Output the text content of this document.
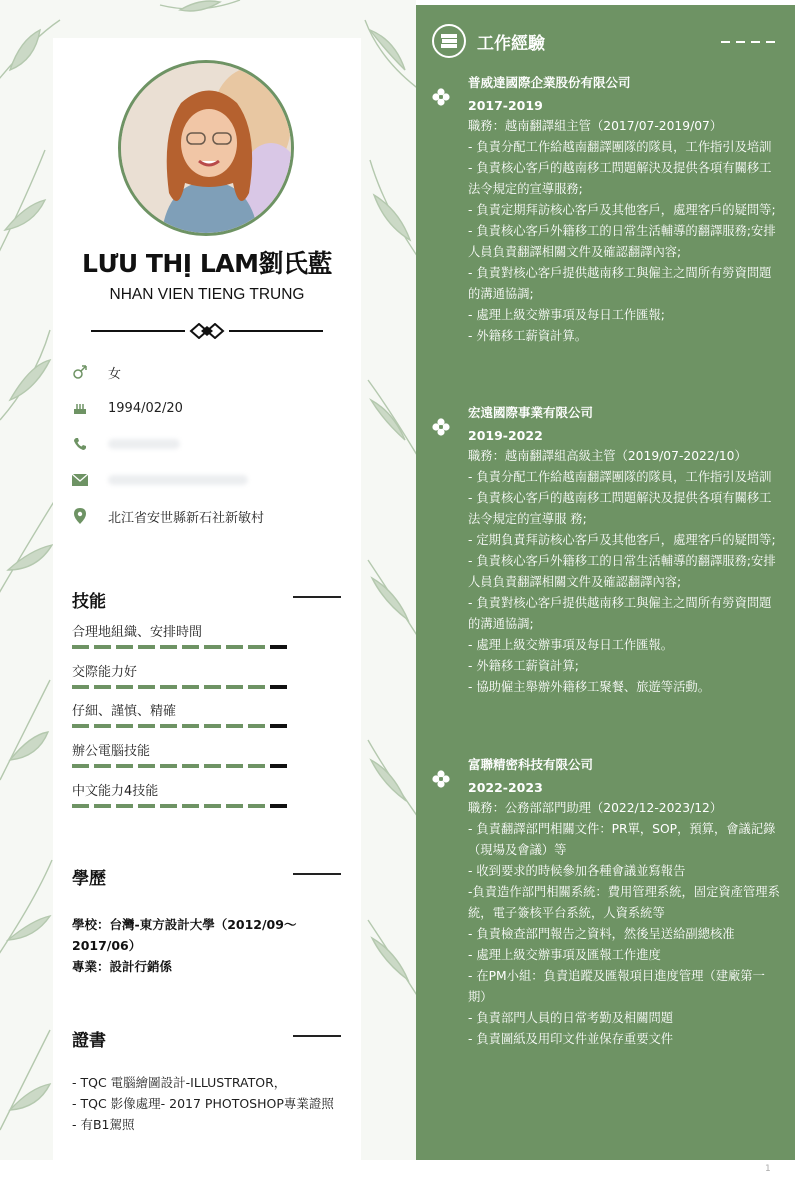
LƯU THỊ LAM劉氏藍
NHAN VIEN TIENG TRUNG
女
1994/02/20
北江省安世縣新石社新敏村
技能
合理地組織、安排時間
交際能力好
仔細、謹慎、精確
辦公電腦技能
中文能力4技能
學歷
學校：台灣-東方設計大學（2012/09～2017/06）
專業：設計行銷係
證書
- TQC 電腦繪圖設計-ILLUSTRATOR，
- TQC 影像處理- 2017 PHOTOSHOP專業證照
- 有B1駕照
工作經驗
普威達國際企業股份有限公司
2017-2019
職務：越南翻譯組主管（2017/07-2019/07）
- 負責分配工作給越南翻譯團隊的隊員，工作指引及培訓
- 負責核心客戶的越南移工問題解決及提供各項有關移工法令規定的宣導服務;
- 負責定期拜訪核心客戶及其他客戶，處理客戶的疑問等;
- 負責核心客戶外籍移工的日常生活輔導的翻譯服務;安排人員負責翻譯相關文件及確認翻譯內容;
- 負責對核心客戶提供越南移工與僱主之間所有勞資問題的溝通協調;
- 處理上級交辦事項及每日工作匯報;
- 外籍移工薪資計算。
宏遠國際事業有限公司
2019-2022
職務：越南翻譯組高級主管（2019/07-2022/10）
- 負責分配工作給越南翻譯團隊的隊員，工作指引及培訓
- 負責核心客戶的越南移工問題解決及提供各項有關移工法令規定的宣導服 務;
- 定期負責拜訪核心客戶及其他客戶，處理客戶的疑問等;
- 負責核心客戶外籍移工的日常生活輔導的翻譯服務;安排人員負責翻譯相關文件及確認翻譯內容;
- 負責對核心客戶提供越南移工與僱主之間所有勞資問題的溝通協調;
- 處理上級交辦事項及每日工作匯報。
- 外籍移工薪資計算;
- 協助僱主舉辦外籍移工聚餐、旅遊等活動。
富聯精密科技有限公司
2022-2023
職務：公務部部門助理（2022/12-2023/12）
- 負責翻譯部門相關文件：PR單，SOP，預算，會議記錄（現場及會議）等
- 收到要求的時候參加各種會議並寫報告
-負責造作部門相關系統：費用管理系統，固定資產管理系統，電子簽核平台系統，人資系統等
- 負責檢查部門報告之資料，然後呈送給副總核准
- 處理上級交辦事項及匯報工作進度
- 在PM小組：負責追蹤及匯報項目進度管理（建廠第一期）
- 負責部門人員的日常考勤及相關問題
- 負責圖紙及用印文件並保存重要文件
1
